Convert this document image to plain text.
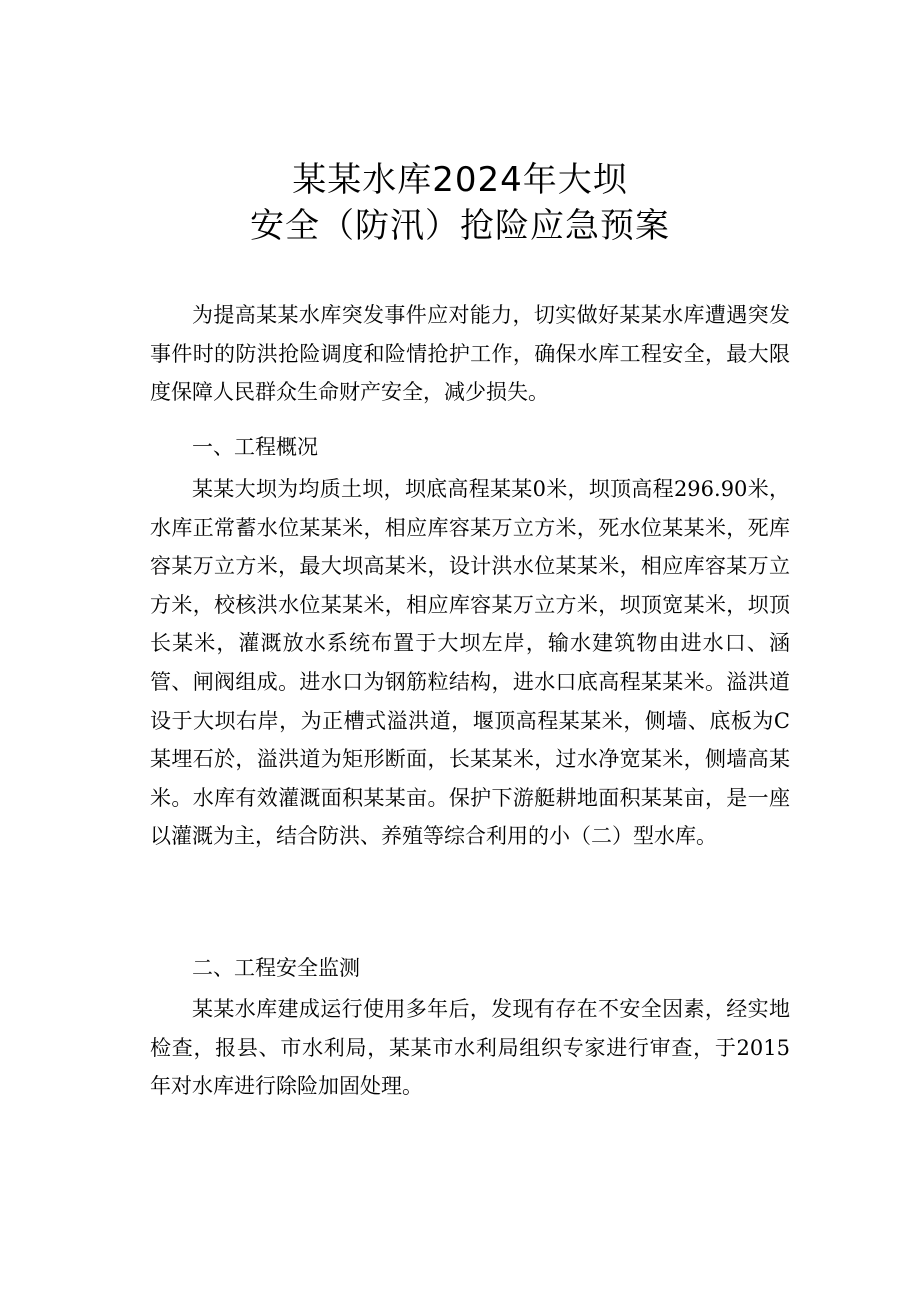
某某水库2024年大坝
安全（防汛）抢险应急预案

为提高某某水库突发事件应对能力，切实做好某某水库遭遇突发事件时的防洪抢险调度和险情抢护工作，确保水库工程安全，最大限度保障人民群众生命财产安全，减少损失。

一、工程概况

某某大坝为均质土坝，坝底高程某某0米，坝顶高程296.90米，水库正常蓄水位某某米，相应库容某万立方米，死水位某某米，死库容某万立方米，最大坝高某米，设计洪水位某某米，相应库容某万立方米，校核洪水位某某米，相应库容某万立方米，坝顶宽某米，坝顶长某米，灌溉放水系统布置于大坝左岸，输水建筑物由进水口、涵管、闸阀组成。进水口为钢筋粒结构，进水口底高程某某米。溢洪道设于大坝右岸，为正槽式溢洪道，堰顶高程某某米，侧墙、底板为C某埋石於，溢洪道为矩形断面，长某某米，过水净宽某米，侧墙高某米。水库有效灌溉面积某某亩。保护下游艇耕地面积某某亩，是一座以灌溉为主，结合防洪、养殖等综合利用的小（二）型水库。

二、工程安全监测

某某水库建成运行使用多年后，发现有存在不安全因素，经实地检查，报县、市水利局，某某市水利局组织专家进行审查，于2015年对水库进行除险加固处理。
